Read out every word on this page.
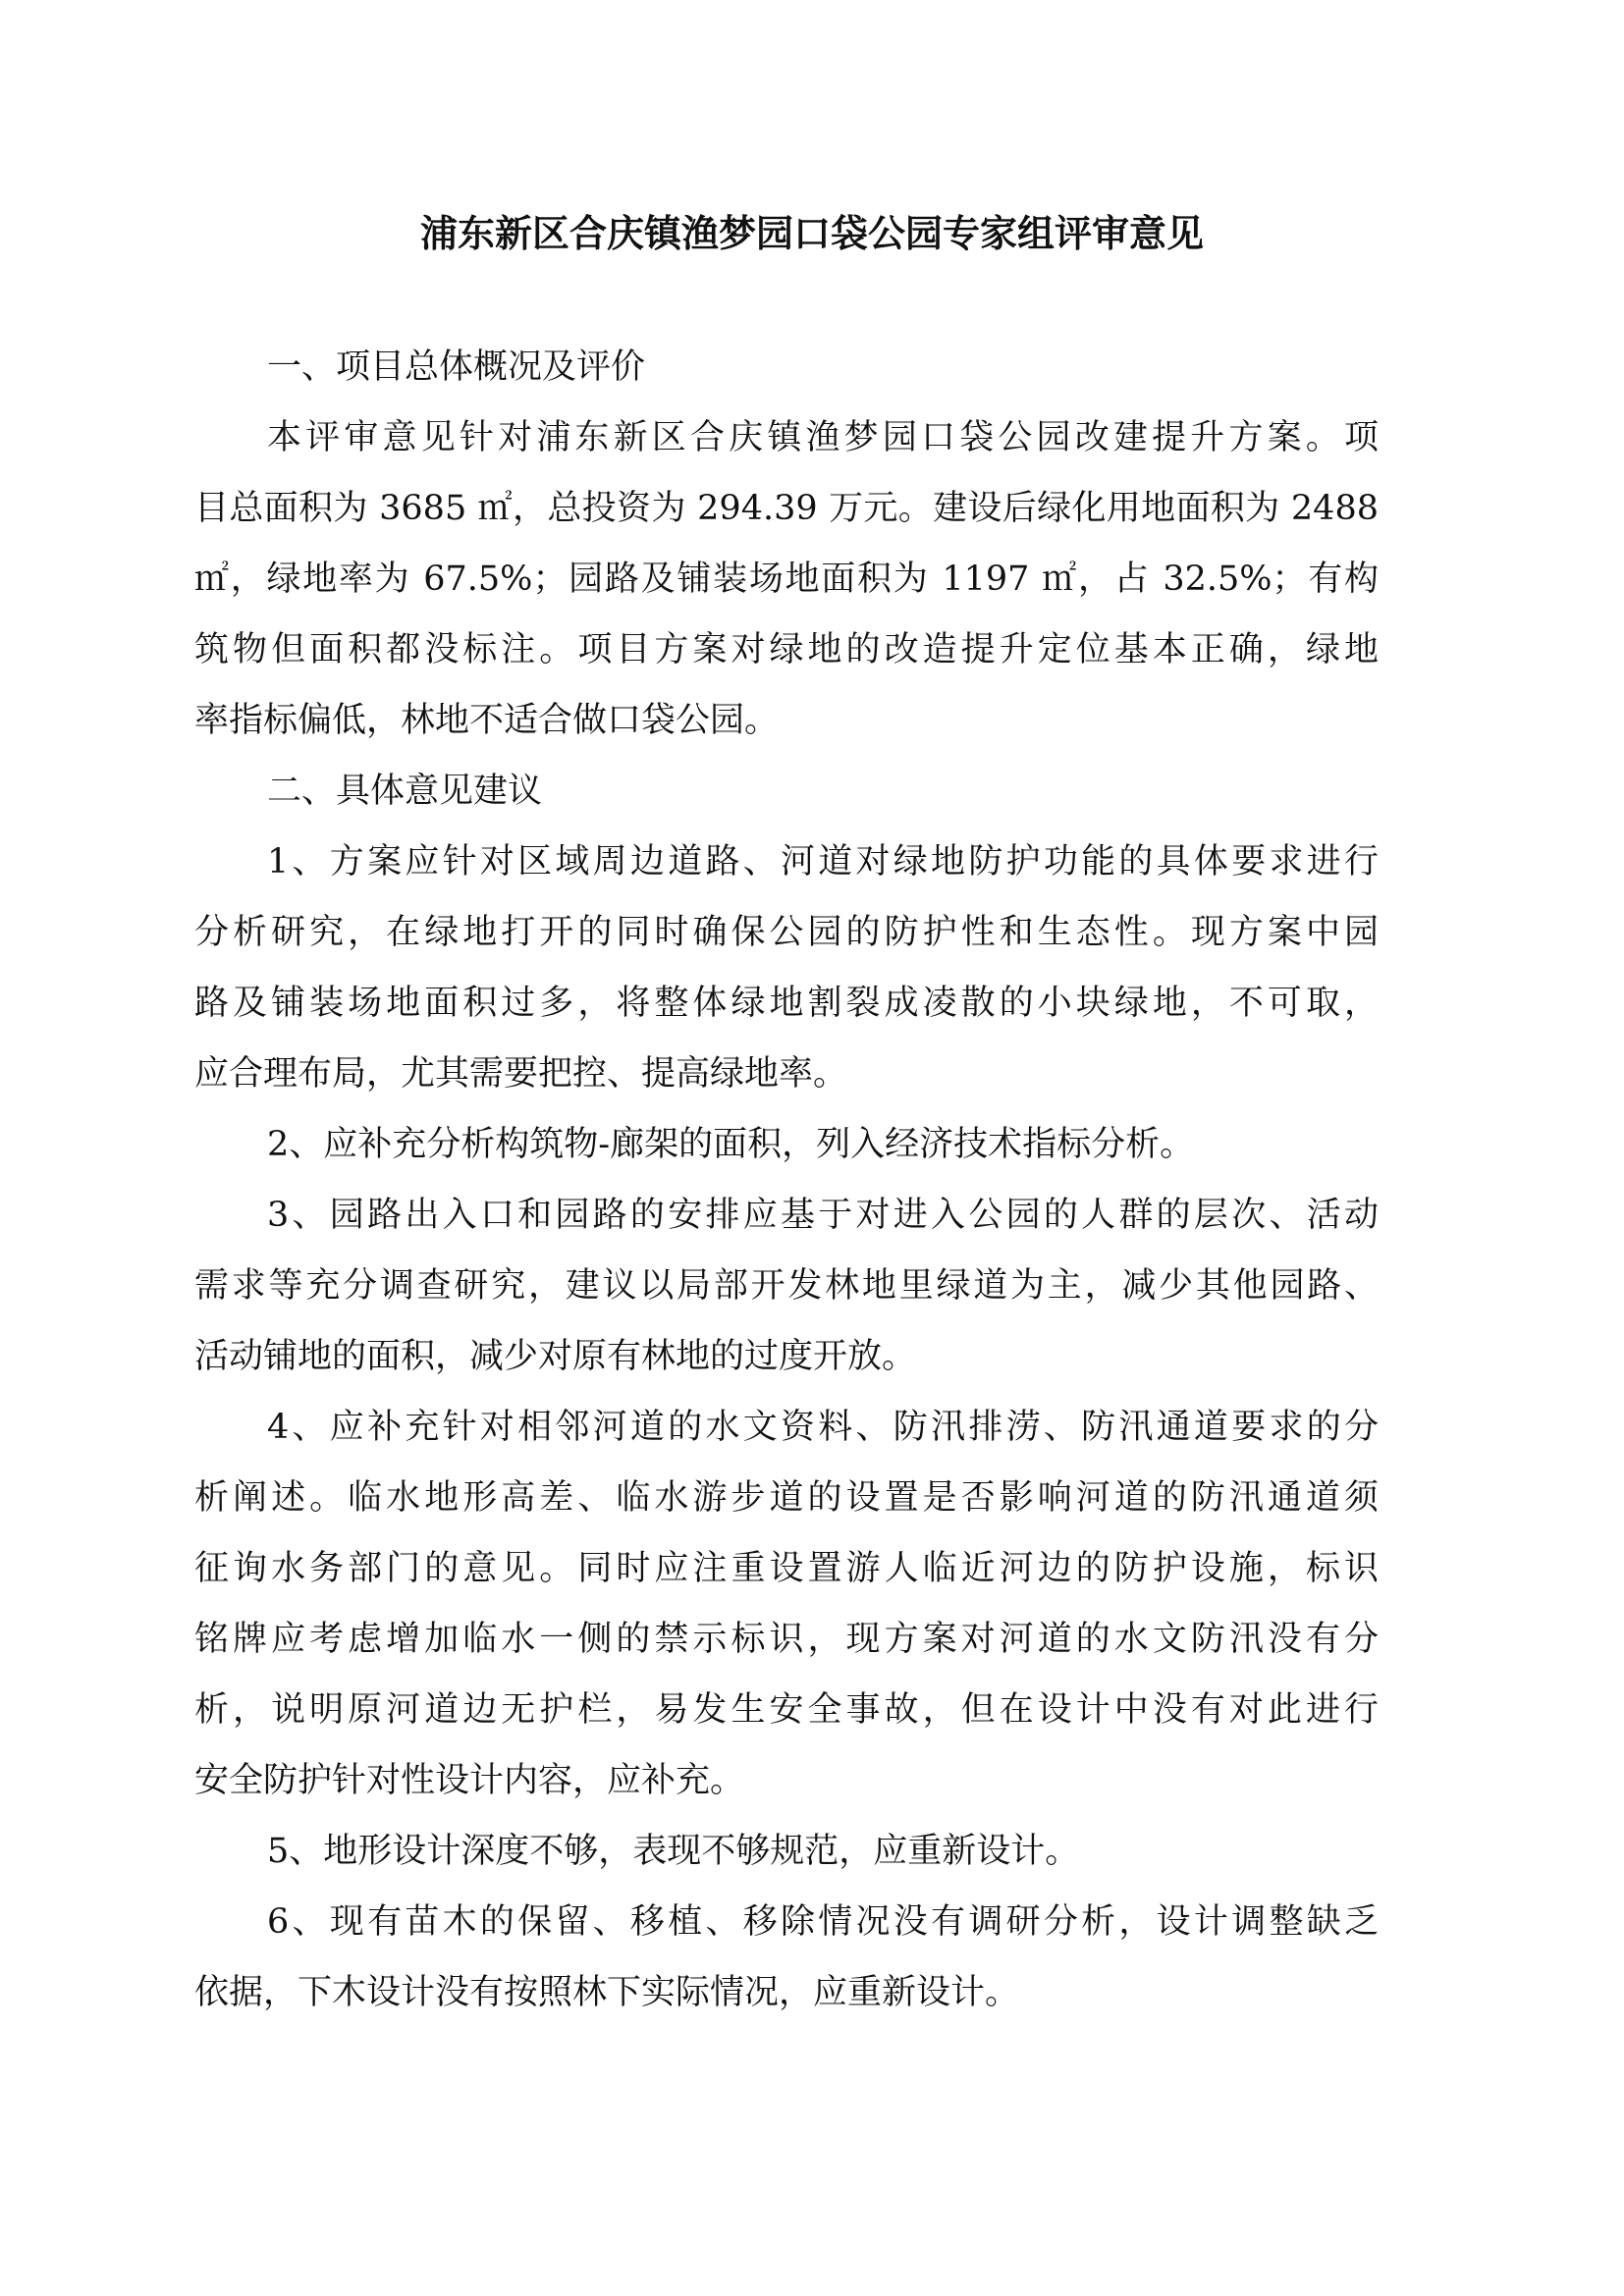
浦东新区合庆镇渔梦园口袋公园专家组评审意见
一、项目总体概况及评价
本评审意见针对浦东新区合庆镇渔梦园口袋公园改建提升方案。项
目总面积为 3685 ㎡，总投资为 294.39 万元。建设后绿化用地面积为 2488
㎡，绿地率为 67.5%；园路及铺装场地面积为 1197 ㎡，占 32.5%；有构
筑物但面积都没标注。项目方案对绿地的改造提升定位基本正确，绿地
率指标偏低，林地不适合做口袋公园。
二、具体意见建议
1、方案应针对区域周边道路、河道对绿地防护功能的具体要求进行
分析研究，在绿地打开的同时确保公园的防护性和生态性。现方案中园
路及铺装场地面积过多，将整体绿地割裂成凌散的小块绿地，不可取，
应合理布局，尤其需要把控、提高绿地率。
2、应补充分析构筑物-廊架的面积，列入经济技术指标分析。
3、园路出入口和园路的安排应基于对进入公园的人群的层次、活动
需求等充分调查研究，建议以局部开发林地里绿道为主，减少其他园路、
活动铺地的面积，减少对原有林地的过度开放。
4、应补充针对相邻河道的水文资料、防汛排涝、防汛通道要求的分
析阐述。临水地形高差、临水游步道的设置是否影响河道的防汛通道须
征询水务部门的意见。同时应注重设置游人临近河边的防护设施，标识
铭牌应考虑增加临水一侧的禁示标识，现方案对河道的水文防汛没有分
析，说明原河道边无护栏，易发生安全事故，但在设计中没有对此进行
安全防护针对性设计内容，应补充。
5、地形设计深度不够，表现不够规范，应重新设计。
6、现有苗木的保留、移植、移除情况没有调研分析，设计调整缺乏
依据，下木设计没有按照林下实际情况，应重新设计。
